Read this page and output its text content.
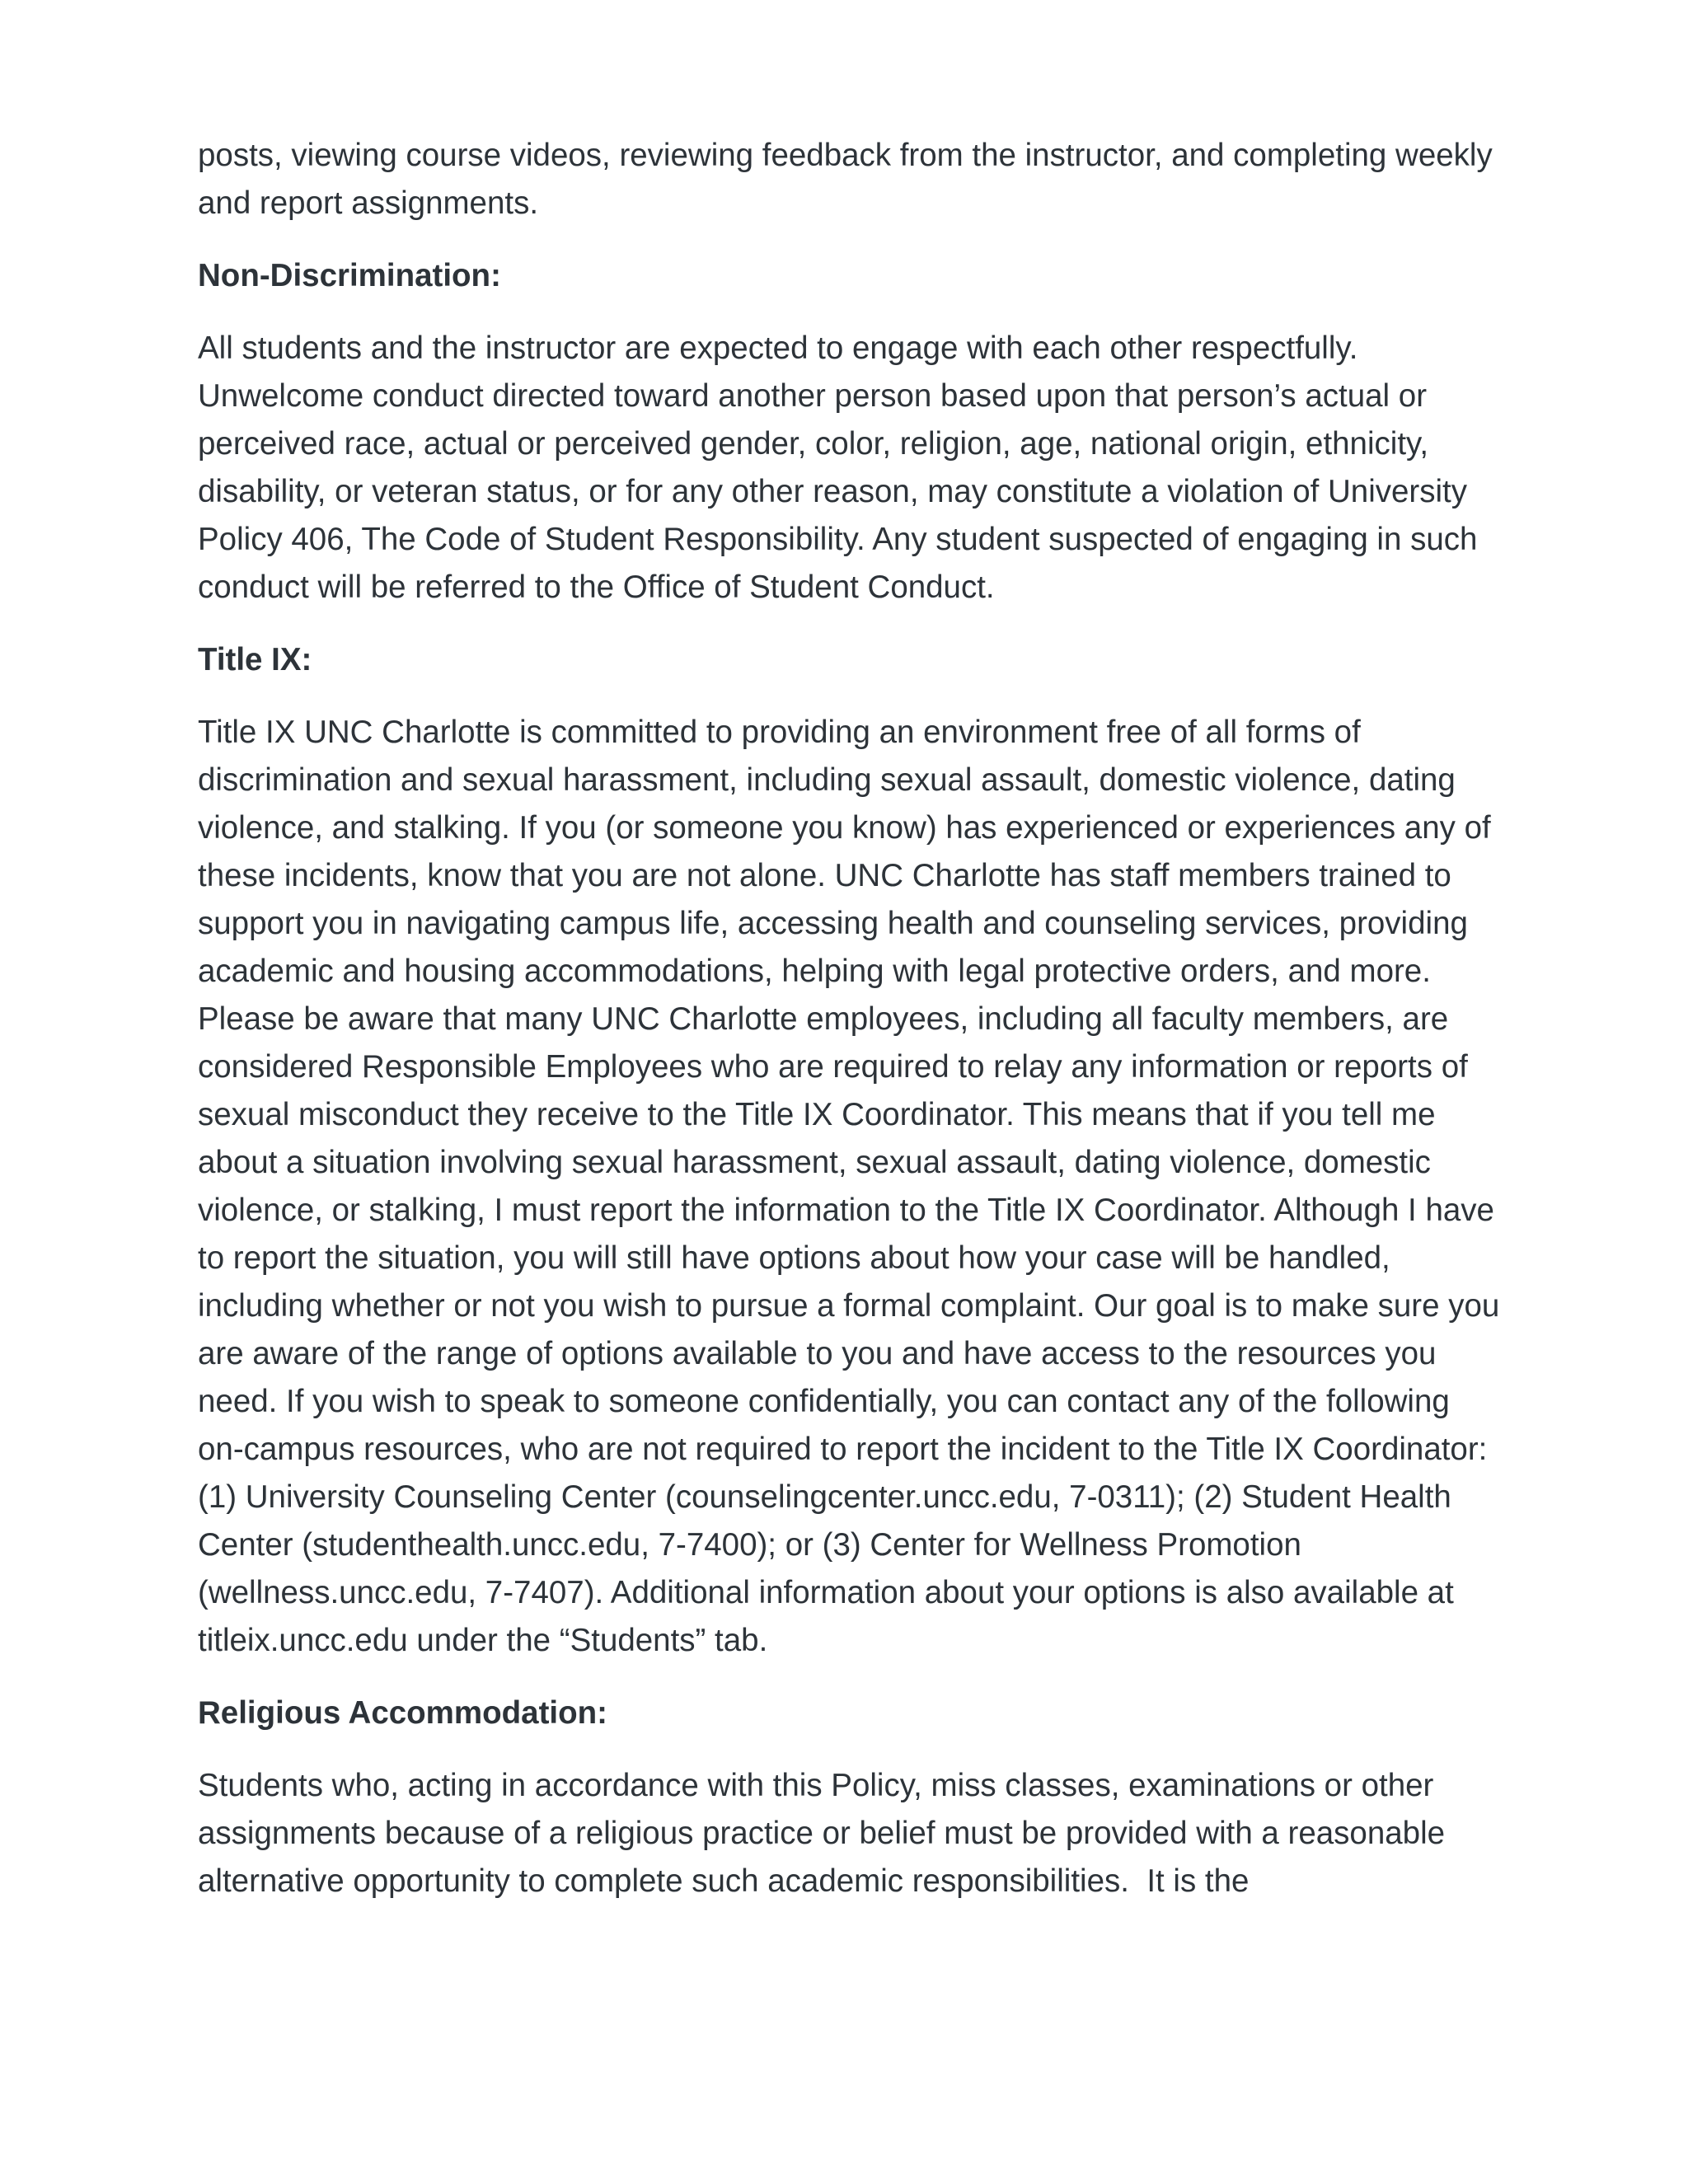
posts, viewing course videos, reviewing feedback from the instructor, and completing weekly and report assignments.

Non-Discrimination:

All students and the instructor are expected to engage with each other respectfully. Unwelcome conduct directed toward another person based upon that person’s actual or perceived race, actual or perceived gender, color, religion, age, national origin, ethnicity, disability, or veteran status, or for any other reason, may constitute a violation of University Policy 406, The Code of Student Responsibility. Any student suspected of engaging in such conduct will be referred to the Office of Student Conduct.

Title IX:

Title IX UNC Charlotte is committed to providing an environment free of all forms of discrimination and sexual harassment, including sexual assault, domestic violence, dating violence, and stalking. If you (or someone you know) has experienced or experiences any of these incidents, know that you are not alone. UNC Charlotte has staff members trained to support you in navigating campus life, accessing health and counseling services, providing academic and housing accommodations, helping with legal protective orders, and more. Please be aware that many UNC Charlotte employees, including all faculty members, are considered Responsible Employees who are required to relay any information or reports of sexual misconduct they receive to the Title IX Coordinator. This means that if you tell me about a situation involving sexual harassment, sexual assault, dating violence, domestic violence, or stalking, I must report the information to the Title IX Coordinator. Although I have to report the situation, you will still have options about how your case will be handled, including whether or not you wish to pursue a formal complaint. Our goal is to make sure you are aware of the range of options available to you and have access to the resources you need. If you wish to speak to someone confidentially, you can contact any of the following on-campus resources, who are not required to report the incident to the Title IX Coordinator: (1) University Counseling Center (counselingcenter.uncc.edu, 7-0311); (2) Student Health Center (studenthealth.uncc.edu, 7-7400); or (3) Center for Wellness Promotion (wellness.uncc.edu, 7-7407). Additional information about your options is also available at titleix.uncc.edu under the “Students” tab.

Religious Accommodation:

Students who, acting in accordance with this Policy, miss classes, examinations or other assignments because of a religious practice or belief must be provided with a reasonable alternative opportunity to complete such academic responsibilities.  It is the
